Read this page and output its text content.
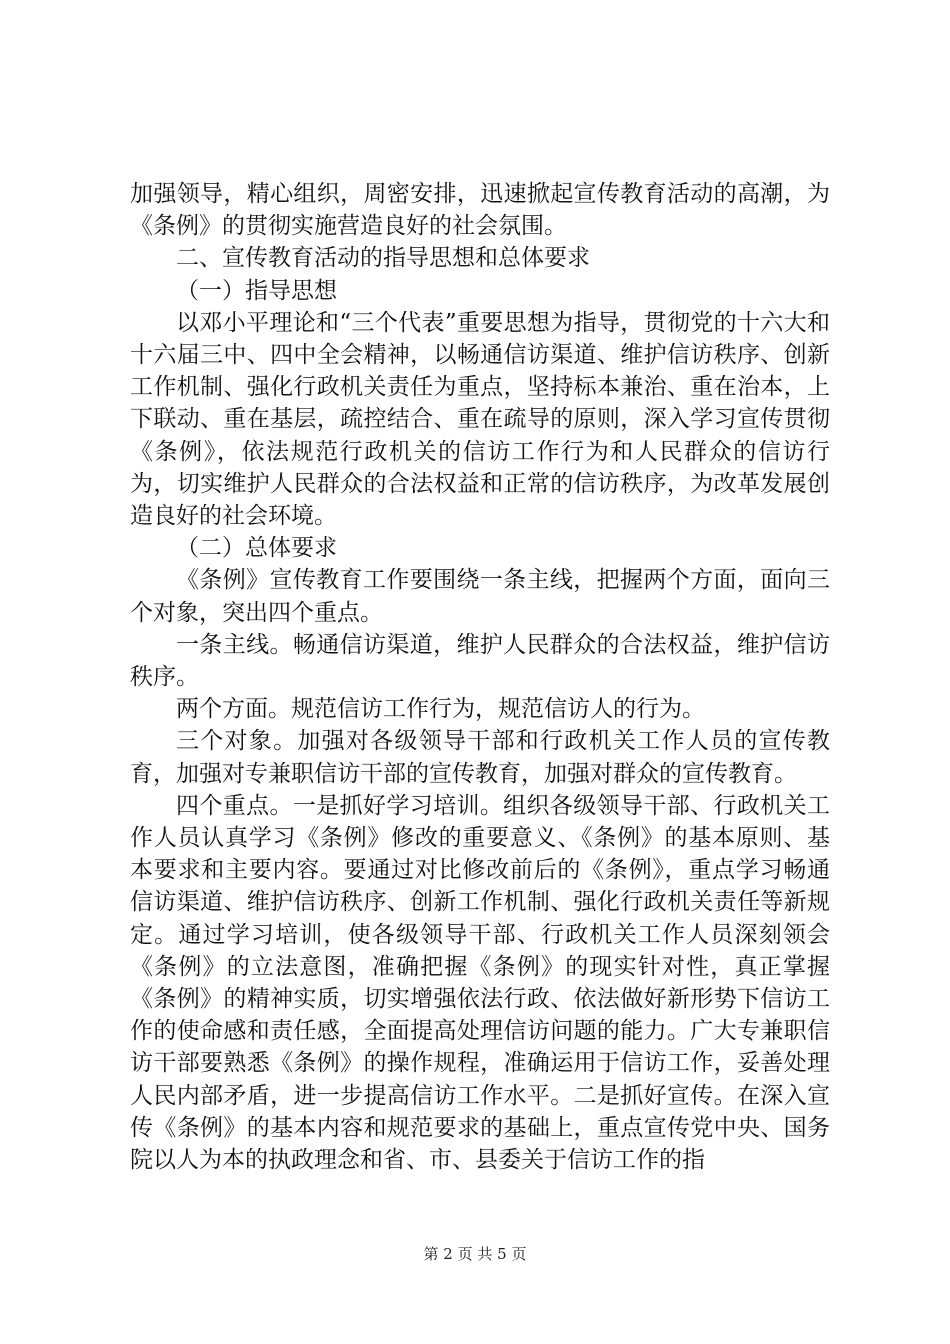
加强领导，精心组织，周密安排，迅速掀起宣传教育活动的高潮，为《条例》的贯彻实施营造良好的社会氛围。

二、宣传教育活动的指导思想和总体要求

（一）指导思想

以邓小平理论和“三个代表”重要思想为指导，贯彻党的十六大和十六届三中、四中全会精神，以畅通信访渠道、维护信访秩序、创新工作机制、强化行政机关责任为重点，坚持标本兼治、重在治本，上下联动、重在基层，疏控结合、重在疏导的原则，深入学习宣传贯彻《条例》，依法规范行政机关的信访工作行为和人民群众的信访行为，切实维护人民群众的合法权益和正常的信访秩序，为改革发展创造良好的社会环境。

（二）总体要求

《条例》宣传教育工作要围绕一条主线，把握两个方面，面向三个对象，突出四个重点。

一条主线。畅通信访渠道，维护人民群众的合法权益，维护信访秩序。

两个方面。规范信访工作行为，规范信访人的行为。

三个对象。加强对各级领导干部和行政机关工作人员的宣传教育，加强对专兼职信访干部的宣传教育，加强对群众的宣传教育。

四个重点。一是抓好学习培训。组织各级领导干部、行政机关工作人员认真学习《条例》修改的重要意义、《条例》的基本原则、基本要求和主要内容。要通过对比修改前后的《条例》，重点学习畅通信访渠道、维护信访秩序、创新工作机制、强化行政机关责任等新规定。通过学习培训，使各级领导干部、行政机关工作人员深刻领会《条例》的立法意图，准确把握《条例》的现实针对性，真正掌握《条例》的精神实质，切实增强依法行政、依法做好新形势下信访工作的使命感和责任感，全面提高处理信访问题的能力。广大专兼职信访干部要熟悉《条例》的操作规程，准确运用于信访工作，妥善处理人民内部矛盾，进一步提高信访工作水平。二是抓好宣传。在深入宣传《条例》的基本内容和规范要求的基础上，重点宣传党中央、国务院以人为本的执政理念和省、市、县委关于信访工作的指

第 2 页 共 5 页
